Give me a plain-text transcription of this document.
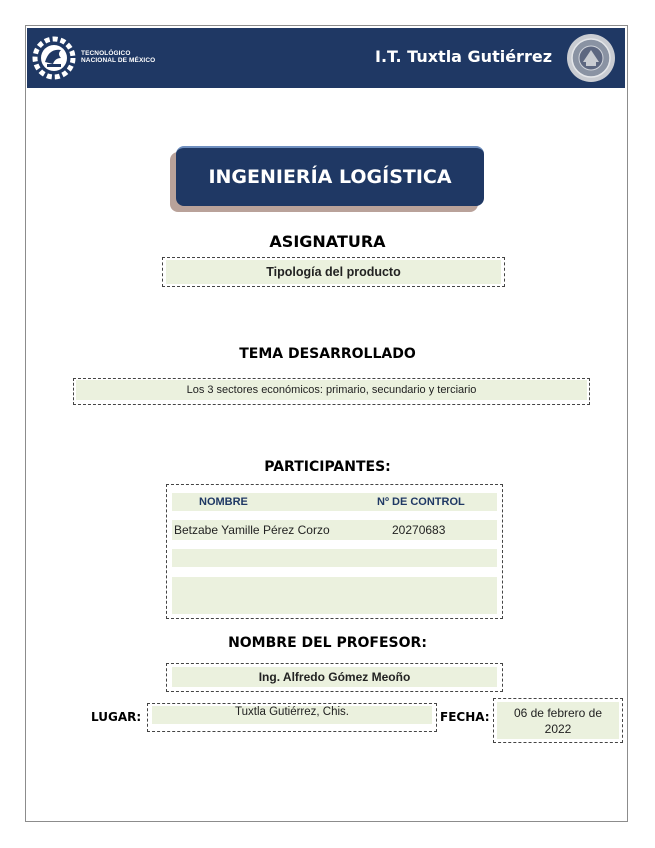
TECNOLÓGICO
NACIONAL DE MÉXICO	I.T. Tuxtla Gutiérrez
INGENIERÍA LOGÍSTICA
ASIGNATURA
Tipología del producto
TEMA DESARROLLADO
Los 3 sectores económicos: primario, secundario y terciario
PARTICIPANTES:
NOMBRE	Nº DE CONTROL
Betzabe Yamille Pérez Corzo	20270683
NOMBRE DEL PROFESOR:
Ing. Alfredo Gómez Meoño
LUGAR:	Tuxtla Gutiérrez, Chis.	FECHA: 06 de febrero de
2022
